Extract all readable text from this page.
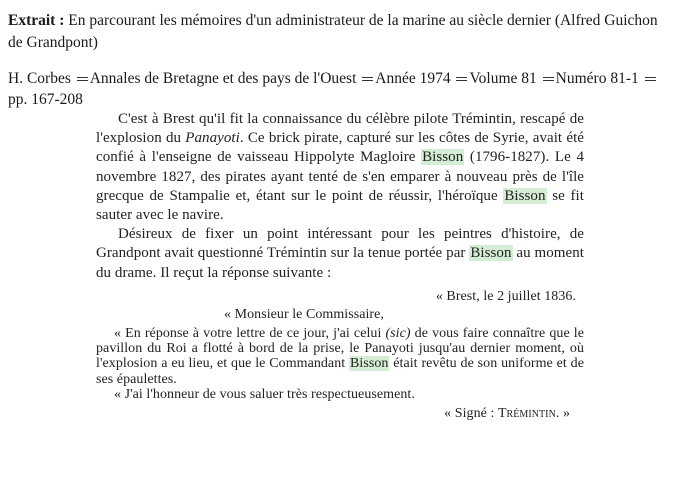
Extrait : En parcourant les mémoires d'un administrateur de la marine au siècle dernier (Alfred Guichon de Grandpont)
H. Corbes Annales de Bretagne et des pays de l'Ouest Année 1974 Volume 81 Numéro 81-1 pp. 167-208

C'est à Brest qu'il fit la connaissance du célèbre pilote Trémintin, rescapé de l'explosion du Panayoti. Ce brick pirate, capturé sur les côtes de Syrie, avait été confié à l'enseigne de vaisseau Hippolyte Magloire Bisson (1796-1827). Le 4 novembre 1827, des pirates ayant tenté de s'en emparer à nouveau près de l'île grecque de Stampalie et, étant sur le point de réussir, l'héroïque Bisson se fit sauter avec le navire.

Désireux de fixer un point intéressant pour les peintres d'histoire, de Grandpont avait questionné Trémintin sur la tenue portée par Bisson au moment du drame. Il reçut la réponse suivante :

« Brest, le 2 juillet 1836.

« Monsieur le Commissaire,

« En réponse à votre lettre de ce jour, j'ai celui (sic) de vous faire connaître que le pavillon du Roi a flotté à bord de la prise, le Panayoti jusqu'au dernier moment, où l'explosion a eu lieu, et que le Commandant Bisson était revêtu de son uniforme et de ses épaulettes.

« J'ai l'honneur de vous saluer très respectueusement.

« Signé : Trémintin. »
